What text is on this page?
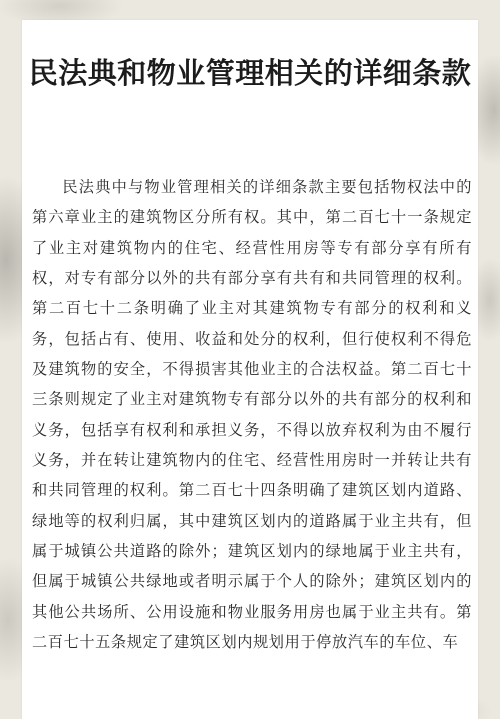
民法典和物业管理相关的详细条款

民法典中与物业管理相关的详细条款主要包括物权法中的第六章业主的建筑物区分所有权。其中，第二百七十一条规定了业主对建筑物内的住宅、经营性用房等专有部分享有所有权，对专有部分以外的共有部分享有共有和共同管理的权利。第二百七十二条明确了业主对其建筑物专有部分的权利和义务，包括占有、使用、收益和处分的权利，但行使权利不得危及建筑物的安全，不得损害其他业主的合法权益。第二百七十三条则规定了业主对建筑物专有部分以外的共有部分的权利和义务，包括享有权利和承担义务，不得以放弃权利为由不履行义务，并在转让建筑物内的住宅、经营性用房时一并转让共有和共同管理的权利。第二百七十四条明确了建筑区划内道路、绿地等的权利归属，其中建筑区划内的道路属于业主共有，但属于城镇公共道路的除外；建筑区划内的绿地属于业主共有，但属于城镇公共绿地或者明示属于个人的除外；建筑区划内的其他公共场所、公用设施和物业服务用房也属于业主共有。第二百七十五条规定了建筑区划内规划用于停放汽车的车位、车
